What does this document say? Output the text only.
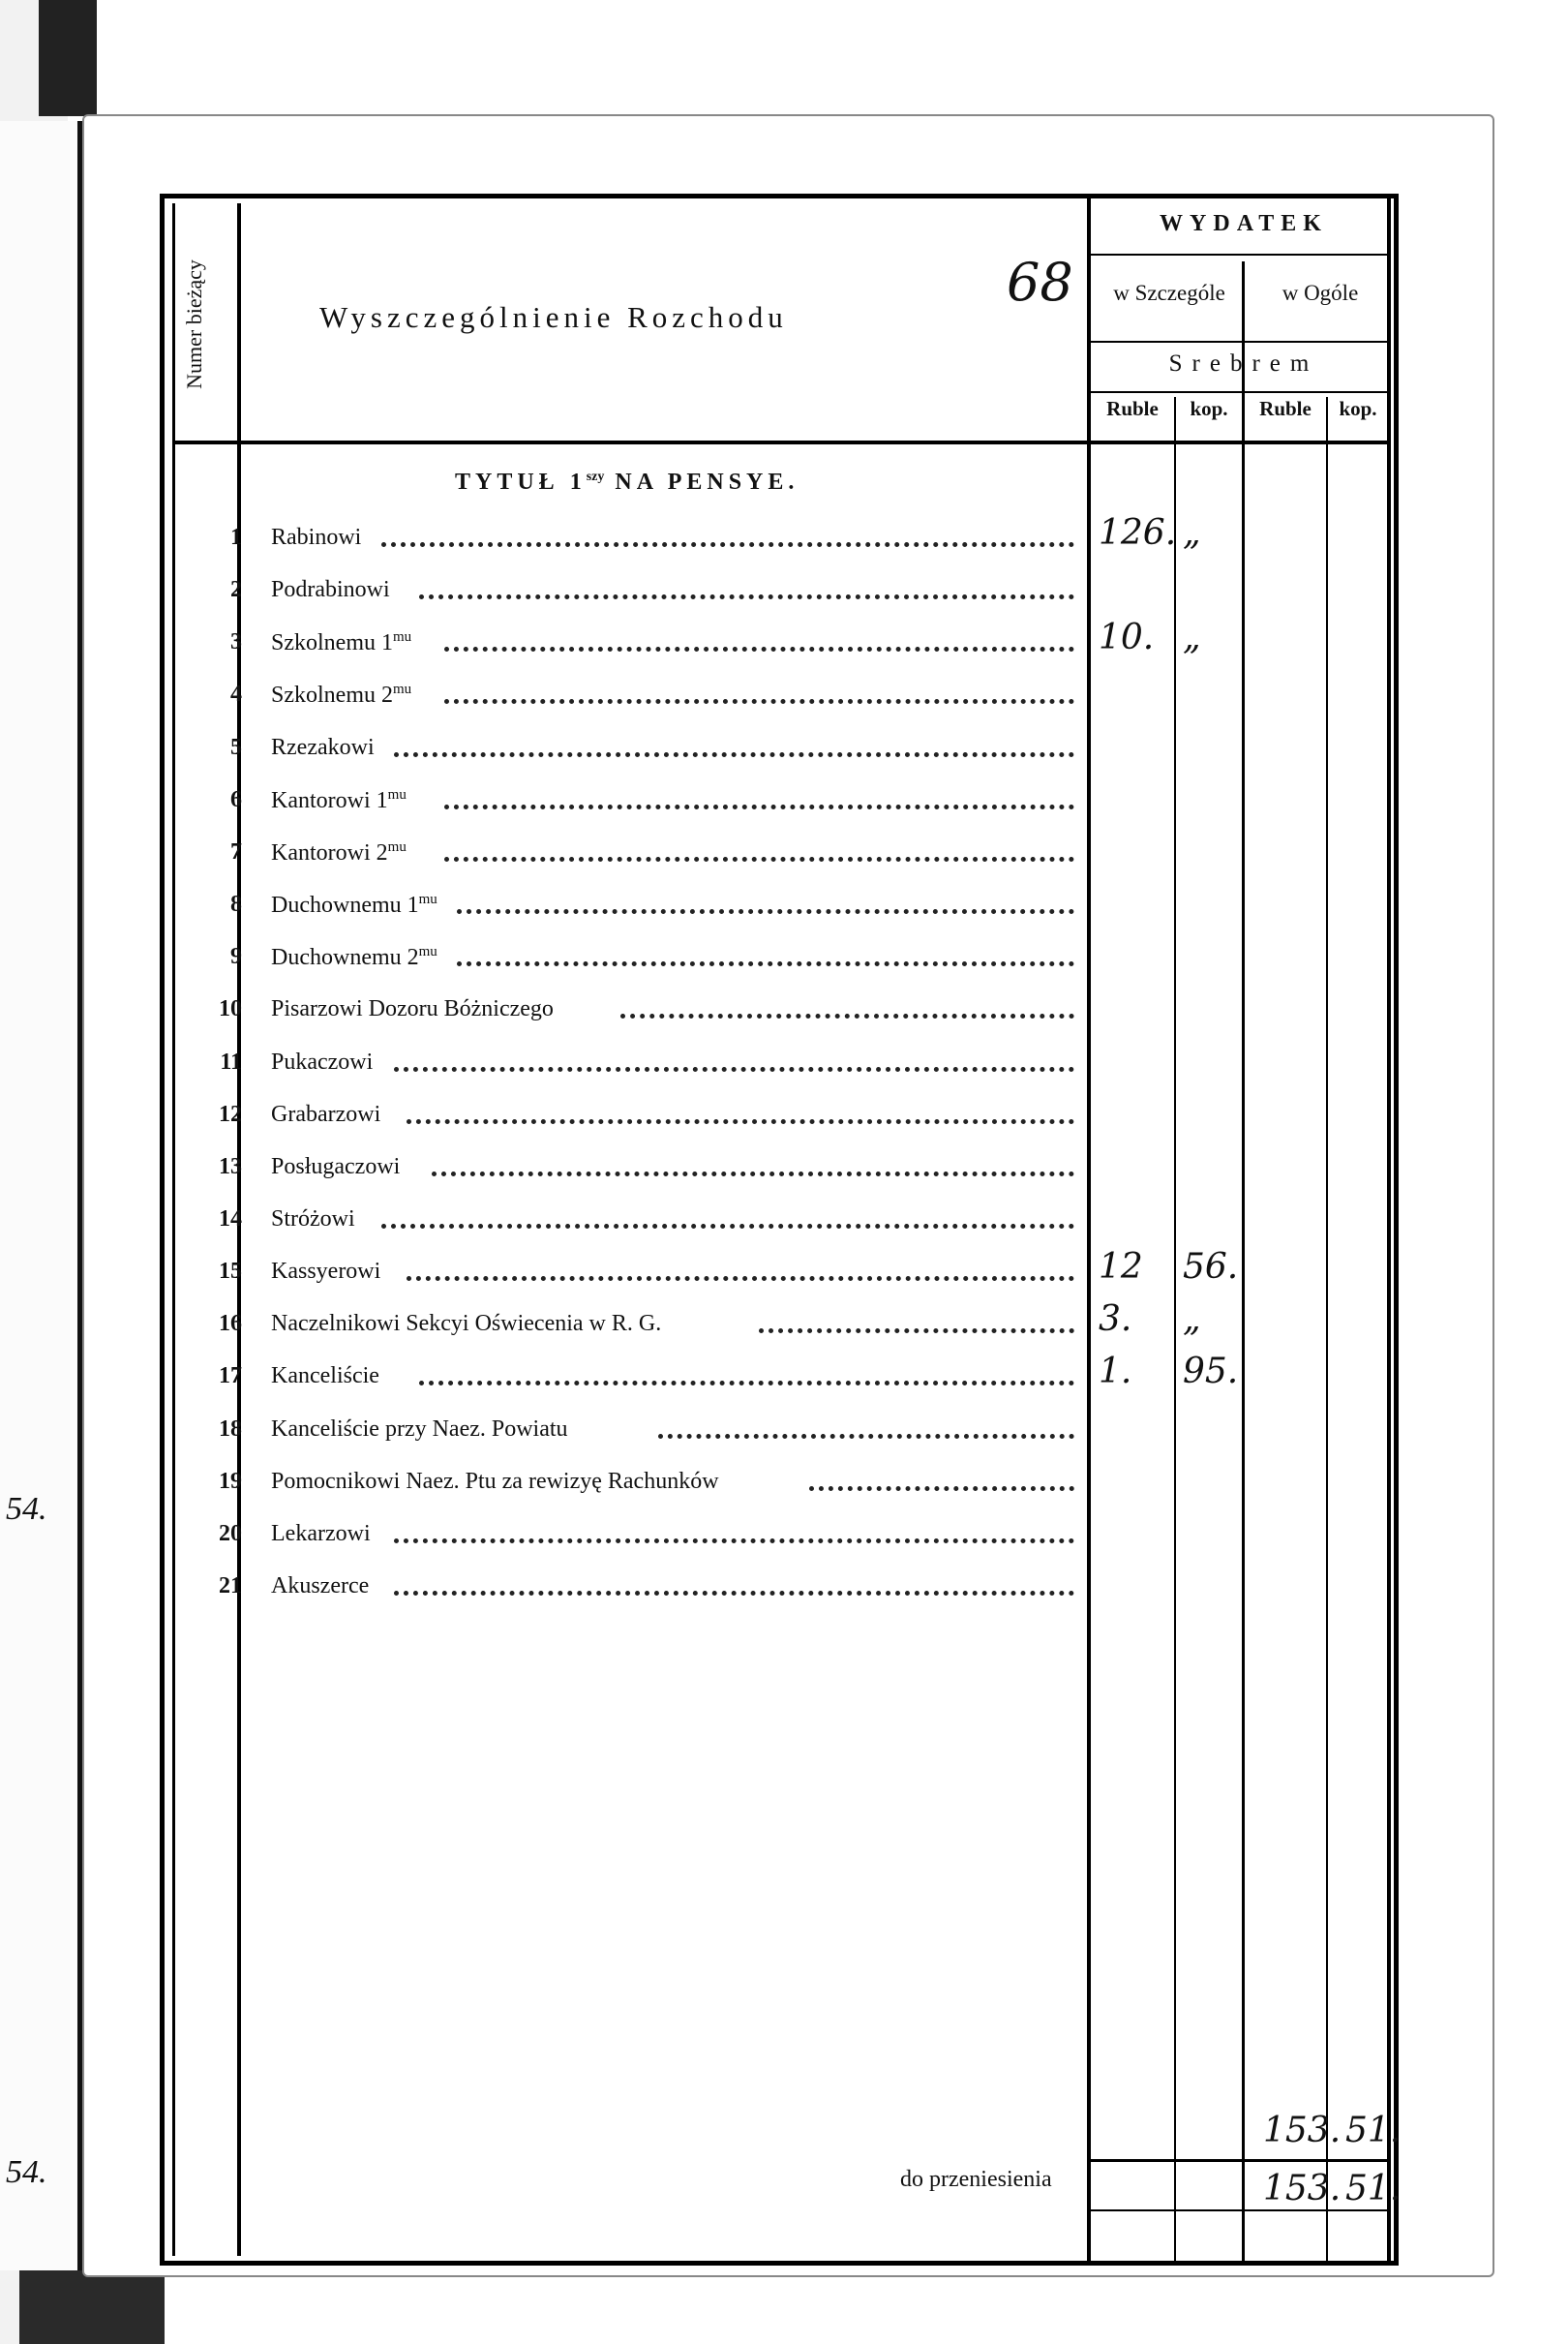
54.
54.
Numer bieżący	Wyszczególnienie Rozchodu
68
WYDATEK
w Szczególe	w Ogóle
Srebrem
Ruble	kop.	Ruble	kop.
TYTUŁ $1^{szy}$ NA PENSYE.
1 Rabinowi	126. „
2 Podrabinowi
3 Szkolnemu $1^{mu}$	10. „
4 Szkolnemu $2^{mu}$
5 Rzezakowi
6 Kantorowi $1^{mu}$
7 Kantorowi $2^{mu}$
8 Duchownemu $1^{mu}$
9 Duchownemu $2^{mu}$
10 Pisarzowi Dozoru Bóżniczego
11 Pukaczowi
12 Grabarzowi
13 Posługaczowi
14 Stróżowi
15 Kassyerowi	12 56.
16 Naczelnikowi Sekcyi Oświecenia w R. G.	3. „
17 Kanceliście	1. 95.
18 Kanceliście przy Naez. Powiatu
19 Pomocnikowi Naez. Ptu za rewizyę Rachunków
20 Lekarzowi
21 Akuszerce
153. 51.
do przeniesienia	153. 51.
